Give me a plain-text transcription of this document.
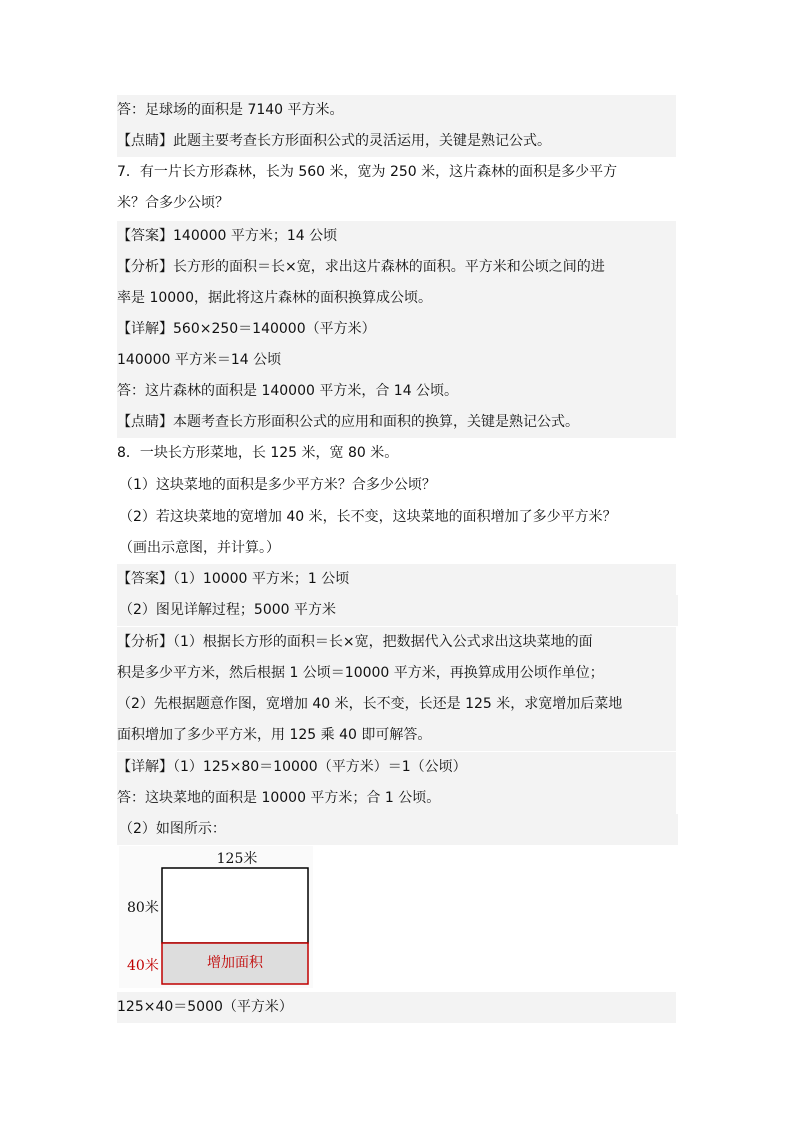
答：足球场的面积是 7140 平方米。
【点睛】此题主要考查长方形面积公式的灵活运用，关键是熟记公式。
7．有一片长方形森林，长为 560 米，宽为 250 米，这片森林的面积是多少平方
米？合多少公顷？
【答案】140000 平方米；14 公顷
【分析】长方形的面积＝长×宽，求出这片森林的面积。平方米和公顷之间的进
率是 10000，据此将这片森林的面积换算成公顷。
【详解】560×250＝140000（平方米）
140000 平方米＝14 公顷
答：这片森林的面积是 140000 平方米，合 14 公顷。
【点睛】本题考查长方形面积公式的应用和面积的换算，关键是熟记公式。
8．一块长方形菜地，长 125 米，宽 80 米。
（1）这块菜地的面积是多少平方米？合多少公顷？
（2）若这块菜地的宽增加 40 米，长不变，这块菜地的面积增加了多少平方米？
（画出示意图，并计算。）
【答案】（1）10000 平方米；1 公顷
（2）图见详解过程；5000 平方米
【分析】（1）根据长方形的面积＝长×宽，把数据代入公式求出这块菜地的面
积是多少平方米，然后根据 1 公顷＝10000 平方米，再换算成用公顷作单位；
（2）先根据题意作图，宽增加 40 米，长不变，长还是 125 米，求宽增加后菜地
面积增加了多少平方米，用 125 乘 40 即可解答。
【详解】（1）125×80＝10000（平方米）＝1（公顷）
答：这块菜地的面积是 10000 平方米；合 1 公顷。
（2）如图所示：
125米
80米
40米	增加面积
125×40＝5000（平方米）
